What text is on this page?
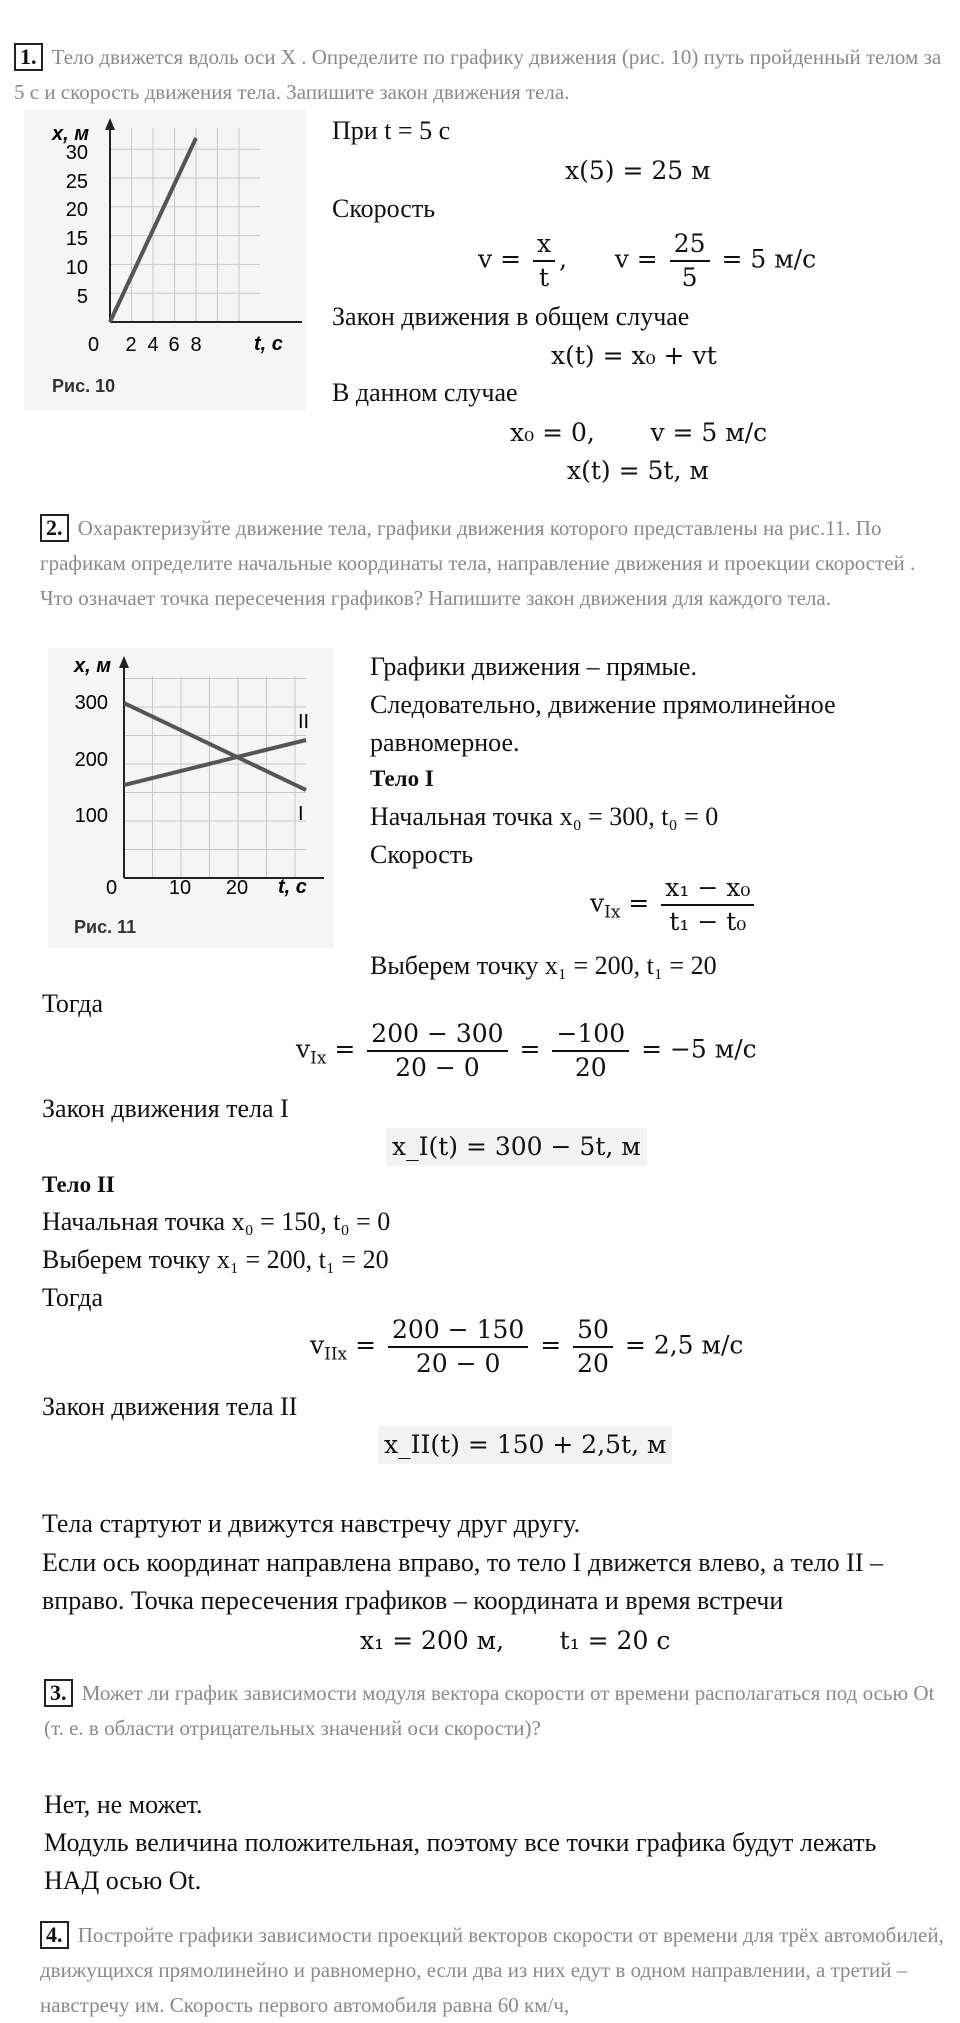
1. Тело движется вдоль оси X . Определите по графику движения (рис. 10) путь пройденный телом за 5 с и скорость движения тела. Запишите закон движения тела.
x, м
t, c
0
30
25
20
15
10
5
2 4 6 8
Рис. 10
При t = 5 с
x(5) = 25 м
Скорость
$v = \frac{x}{t}$ ,      $v = \frac{25}{5} = 5$ м/с
Закон движения в общем случае
x(t) = x₀ + vt
В данном случае
x₀ = 0,       v = 5 м/с
x(t) = 5t, м
2. Охарактеризуйте движение тела, графики движения которого представлены на рис.11. По графикам определите начальные координаты тела, направление движения и проекции скоростей . Что означает точка пересечения графиков? Напишите закон движения для каждого тела.
x, м
t, c
0
300
200
100
10 20
I
II
Рис. 11
Графики движения – прямые.
Следовательно, движение прямолинейное
равномерное.
Тело I
Начальная точка x₀ = 300, t₀ = 0
Скорость
$v_{Ix} = \frac{\text{x₁ − x₀}}{\text{t₁ − t₀}}$
Выберем точку x₁ = 200, t₁ = 20
Тогда
$v_{Ix} = \frac{200 - 300}{20 - 0} = \frac{-100}{20} = -5$ м/с
Закон движения тела I
x_I(t) = 300 − 5t, м
Тело II
Начальная точка x₀ = 150, t₀ = 0
Выберем точку x₁ = 200, t₁ = 20
Тогда
$v_{IIx} = \frac{200 - 150}{20 - 0} = \frac{50}{20} = 2,5$ м/с
Закон движения тела II
x_II(t) = 150 + 2,5t, м
Тела стартуют и движутся навстречу друг другу.
Если ось координат направлена вправо, то тело I движется влево, а тело II –
вправо. Точка пересечения графиков – координата и время встречи
x₁ = 200 м,       t₁ = 20 с
3. Может ли график зависимости модуля вектора скорости от времени располагаться под осью Ot (т. е. в области отрицательных значений оси скорости)?
Нет, не может.
Модуль величина положительная, поэтому все точки графика будут лежать
НАД осью Ot.
4. Постройте графики зависимости проекций векторов скорости от времени для трёх автомобилей, движущихся прямолинейно и равномерно, если два из них едут в одном направлении, а третий – навстречу им. Скорость первого автомобиля равна 60 км/ч,
